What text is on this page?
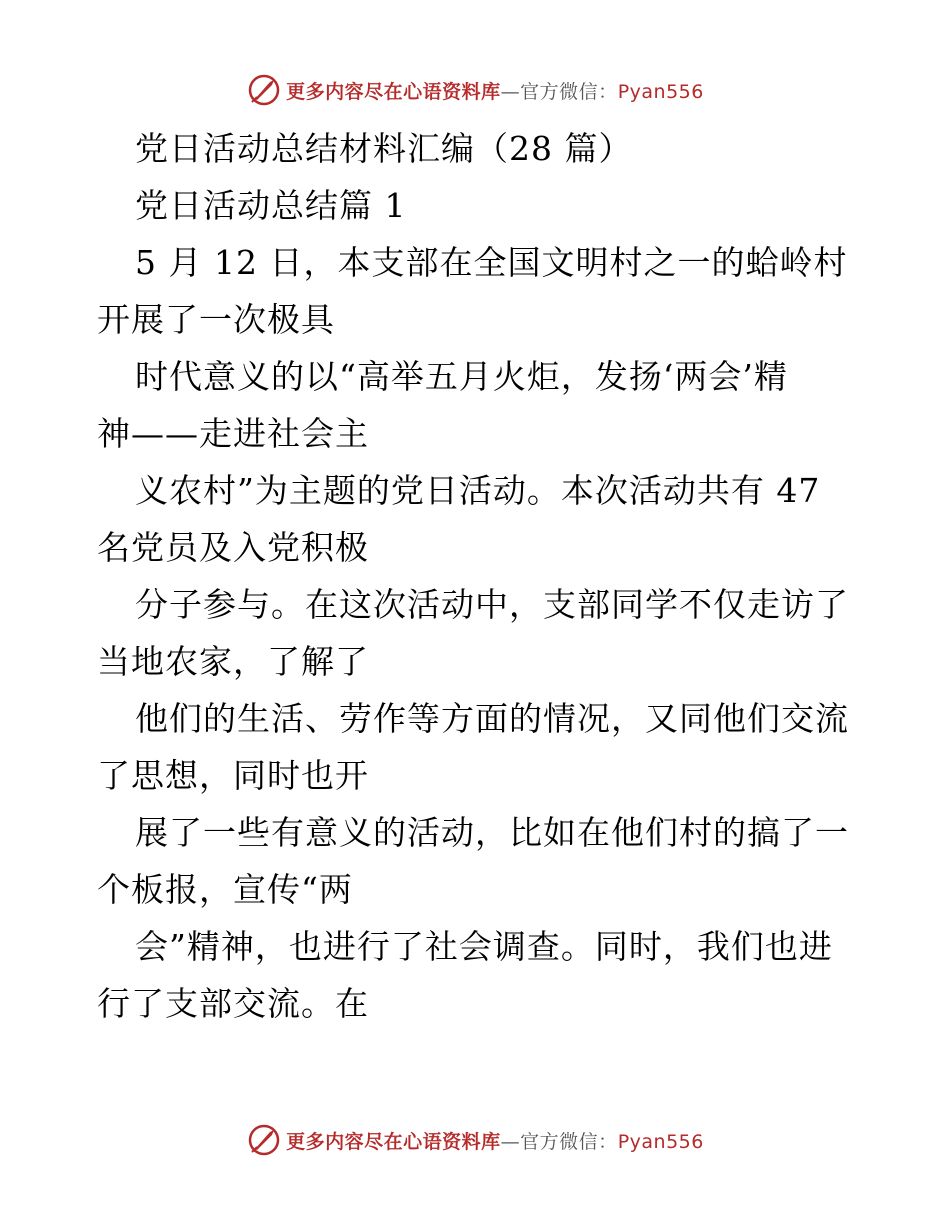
更多内容尽在心语资料库—官方微信：Pyan556
党日活动总结材料汇编（28 篇）
党日活动总结篇 1
5 月 12 日，本支部在全国文明村之一的蛤岭村
开展了一次极具
时代意义的以“高举五月火炬，发扬‘两会’精
神——走进社会主
义农村”为主题的党日活动。本次活动共有 47
名党员及入党积极
分子参与。在这次活动中，支部同学不仅走访了
当地农家，了解了
他们的生活、劳作等方面的情况，又同他们交流
了思想，同时也开
展了一些有意义的活动，比如在他们村的搞了一
个板报，宣传“两
会”精神，也进行了社会调查。同时，我们也进
行了支部交流。在
更多内容尽在心语资料库—官方微信：Pyan556
